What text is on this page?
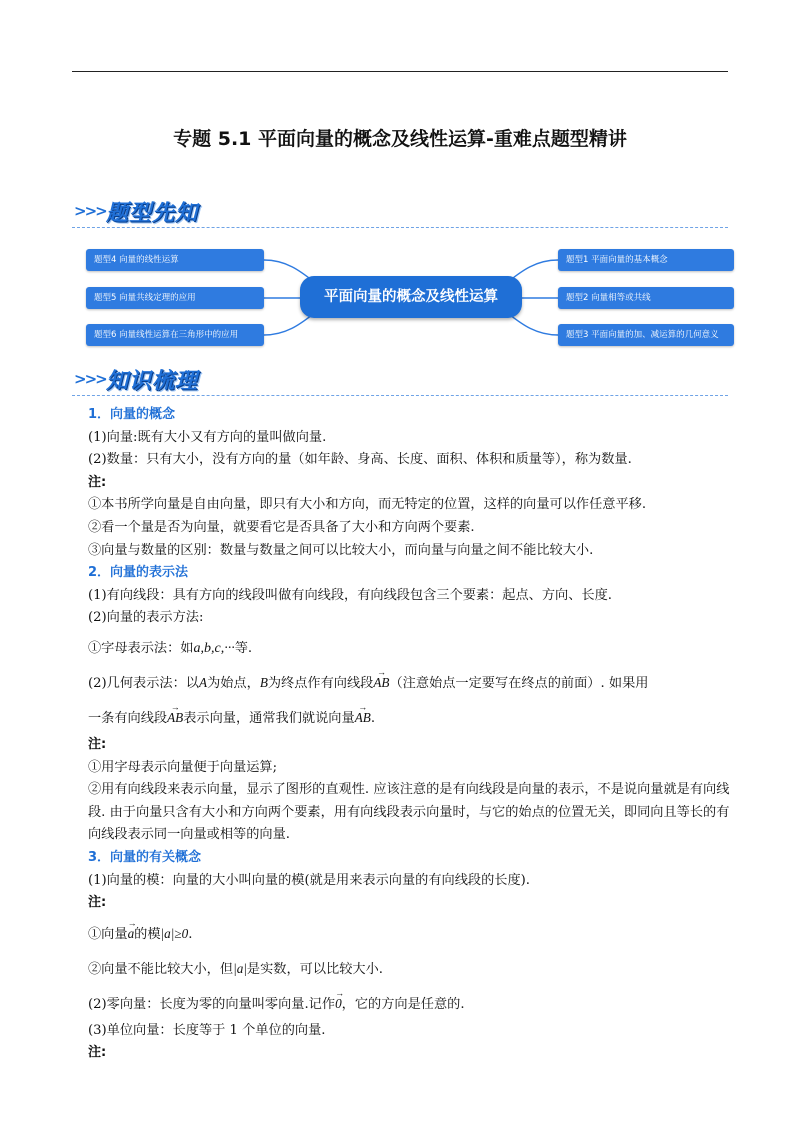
专题 5.1 平面向量的概念及线性运算-重难点题型精讲
>>> 题型先知
题型4 向量的线性运算
题型5 向量共线定理的应用
题型6 向量线性运算在三角形中的应用
平面向量的概念及线性运算
题型1 平面向量的基本概念
题型2 向量相等或共线
题型3 平面向量的加、减运算的几何意义
>>> 知识梳理

1．向量的概念

(1)向量:既有大小又有方向的量叫做向量.

(2)数量：只有大小，没有方向的量（如年龄、身高、长度、面积、体积和质量等），称为数量.

注:

①本书所学向量是自由向量，即只有大小和方向，而无特定的位置，这样的向量可以作任意平移.

②看一个量是否为向量，就要看它是否具备了大小和方向两个要素.

③向量与数量的区别：数量与数量之间可以比较大小，而向量与向量之间不能比较大小.

2．向量的表示法

(1)有向线段：具有方向的线段叫做有向线段，有向线段包含三个要素：起点、方向、长度.

(2)向量的表示方法:

①字母表示法：如a,b,c,···等.

(2)几何表示法：以A为始点，B为终点作有向线段→ AB（注意始点一定要写在终点的前面）. 如果用

一条有向线段→ AB表示向量，通常我们就说向量→ AB.

注:

①用字母表示向量便于向量运算;

②用有向线段来表示向量，显示了图形的直观性. 应该注意的是有向线段是向量的表示，不是说向量就是有向线段. 由于向量只含有大小和方向两个要素，用有向线段表示向量时，与它的始点的位置无关，即同向且等长的有向线段表示同一向量或相等的向量.

3．向量的有关概念

(1)向量的模：向量的大小叫向量的模(就是用来表示向量的有向线段的长度).

注:

①向量→ a的模|a|≥0.

②向量不能比较大小，但|a|是实数，可以比较大小.

(2)零向量：长度为零的向量叫零向量.记作→ 0，它的方向是任意的.

(3)单位向量：长度等于 1 个单位的向量.

注:
